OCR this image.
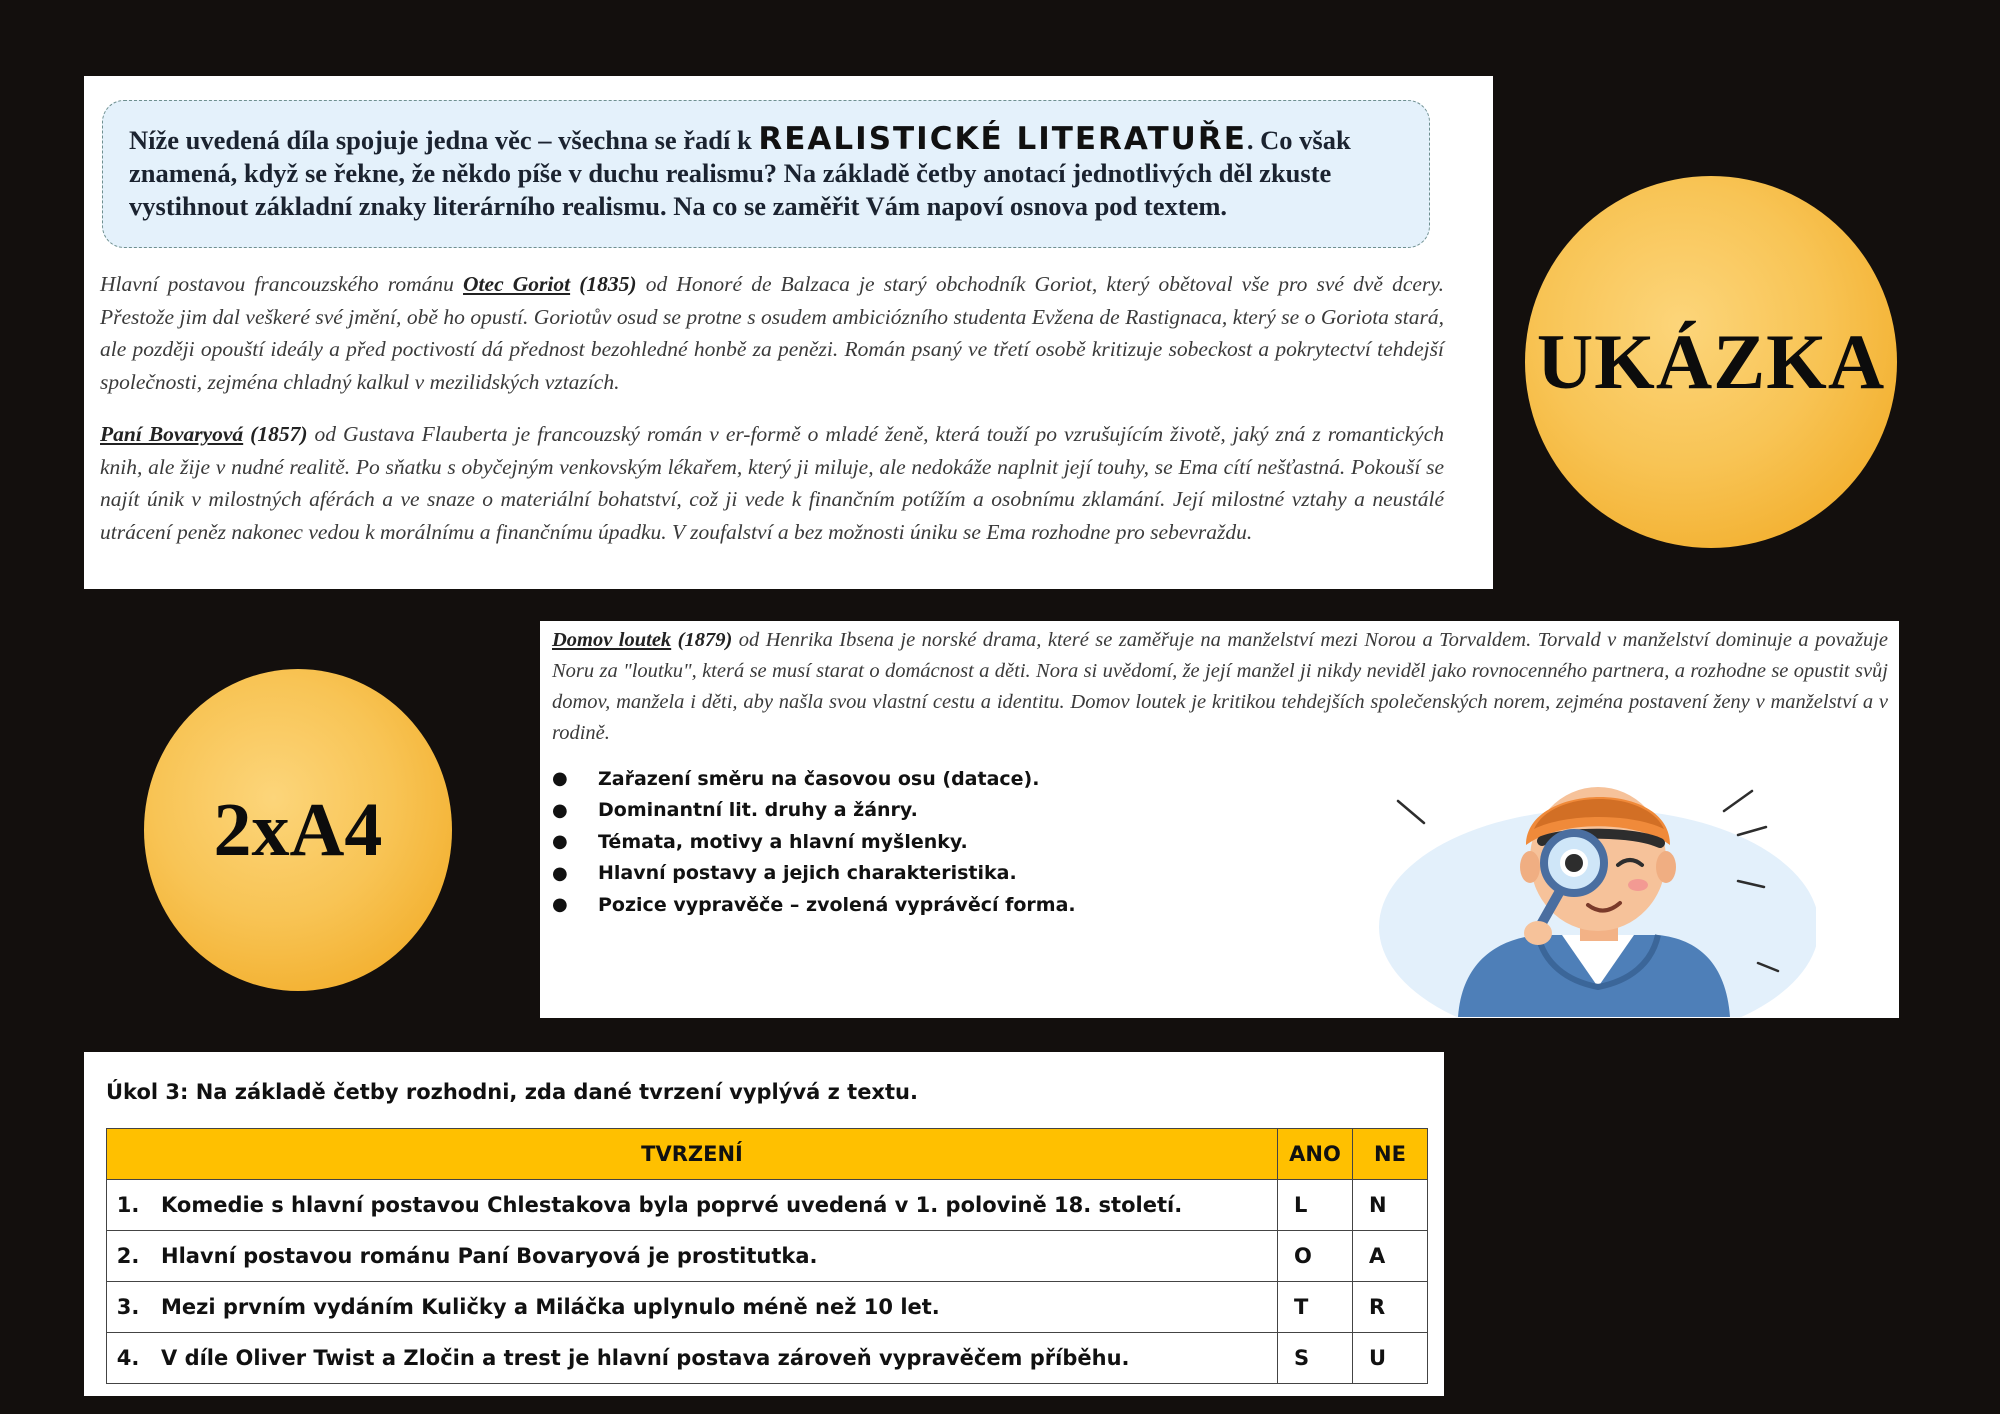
Níže uvedená díla spojuje jedna věc – všechna se řadí k REALISTICKÉ LITERATUŘE. Co však znamená, když se řekne, že někdo píše v duchu realismu? Na základě četby anotací jednotlivých děl zkuste vystihnout základní znaky literárního realismu. Na co se zaměřit Vám napoví osnova pod textem.
Hlavní postavou francouzského románu Otec Goriot (1835) od Honoré de Balzaca je starý obchodník Goriot, který obětoval vše pro své dvě dcery. Přestože jim dal veškeré své jmění, obě ho opustí. Goriotův osud se protne s osudem ambiciózního studenta Evžena de Rastignaca, který se o Goriota stará, ale později opouští ideály a před poctivostí dá přednost bezohledné honbě za penězi. Román psaný ve třetí osobě kritizuje sobeckost a pokrytectví tehdejší společnosti, zejména chladný kalkul v mezilidských vztazích.
Paní Bovaryová (1857) od Gustava Flauberta je francouzský román v er-formě o mladé ženě, která touží po vzrušujícím životě, jaký zná z romantických knih, ale žije v nudné realitě. Po sňatku s obyčejným venkovským lékařem, který ji miluje, ale nedokáže naplnit její touhy, se Ema cítí nešťastná. Pokouší se najít únik v milostných aférách a ve snaze o materiální bohatství, což ji vede k finančním potížím a osobnímu zklamání. Její milostné vztahy a neustálé utrácení peněz nakonec vedou k morálnímu a finančnímu úpadku. V zoufalství a bez možnosti úniku se Ema rozhodne pro sebevraždu.
UKÁZKA
2xA4
Domov loutek (1879) od Henrika Ibsena je norské drama, které se zaměřuje na manželství mezi Norou a Torvaldem. Torvald v manželství dominuje a považuje Noru za "loutku", která se musí starat o domácnost a děti. Nora si uvědomí, že její manžel ji nikdy neviděl jako rovnocenného partnera, a rozhodne se opustit svůj domov, manžela i děti, aby našla svou vlastní cestu a identitu. Domov loutek je kritikou tehdejších společenských norem, zejména postavení ženy v manželství a v rodině.
●	Zařazení směru na časovou osu (datace).
●	Dominantní lit. druhy a žánry.
●	Témata, motivy a hlavní myšlenky.
●	Hlavní postavy a jejich charakteristika.
●	Pozice vypravěče – zvolená vyprávěcí forma.
Úkol 3: Na základě četby rozhodni, zda dané tvrzení vyplývá z textu.
TVRZENÍ		ANO	NE
1.	Komedie s hlavní postavou Chlestakova byla poprvé uvedená v 1. polovině 18. století.	L	N
2.	Hlavní postavou románu Paní Bovaryová je prostitutka.	O	A
3.	Mezi prvním vydáním Kuličky a Miláčka uplynulo méně než 10 let.	T	R
4.	V díle Oliver Twist a Zločin a trest je hlavní postava zároveň vypravěčem příběhu.	S	U
